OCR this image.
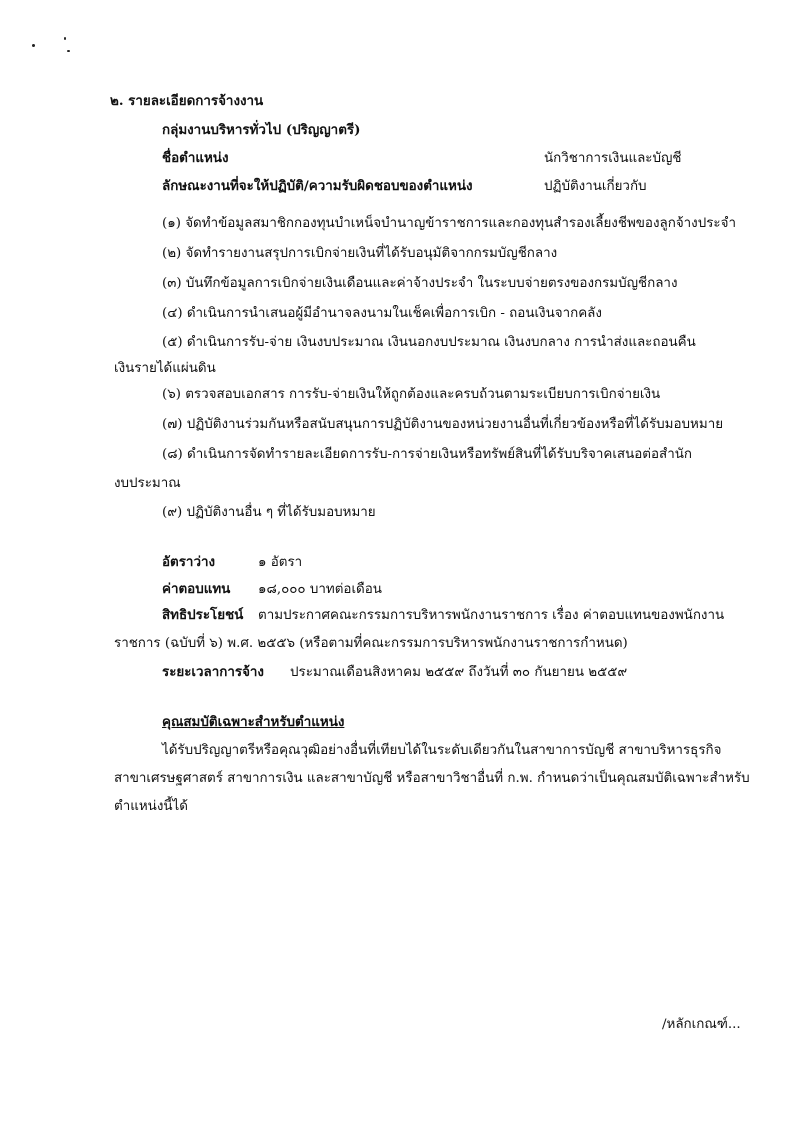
๒. รายละเอียดการจ้างงาน
กลุ่มงานบริหารทั่วไป (ปริญญาตรี)
ชื่อตำแหน่ง	นักวิชาการเงินและบัญชี
ลักษณะงานที่จะให้ปฏิบัติ/ความรับผิดชอบของตำแหน่ง	ปฏิบัติงานเกี่ยวกับ
(๑) จัดทำข้อมูลสมาชิกกองทุนบำเหน็จบำนาญข้าราชการและกองทุนสำรองเลี้ยงชีพของลูกจ้างประจำ
(๒) จัดทำรายงานสรุปการเบิกจ่ายเงินที่ได้รับอนุมัติจากกรมบัญชีกลาง
(๓) บันทึกข้อมูลการเบิกจ่ายเงินเดือนและค่าจ้างประจำ ในระบบจ่ายตรงของกรมบัญชีกลาง
(๔) ดำเนินการนำเสนอผู้มีอำนาจลงนามในเช็คเพื่อการเบิก - ถอนเงินจากคลัง
(๕) ดำเนินการรับ-จ่าย เงินงบประมาณ เงินนอกงบประมาณ เงินงบกลาง การนำส่งและถอนคืน
เงินรายได้แผ่นดิน
(๖) ตรวจสอบเอกสาร การรับ-จ่ายเงินให้ถูกต้องและครบถ้วนตามระเบียบการเบิกจ่ายเงิน
(๗) ปฏิบัติงานร่วมกันหรือสนับสนุนการปฏิบัติงานของหน่วยงานอื่นที่เกี่ยวข้องหรือที่ได้รับมอบหมาย
(๘) ดำเนินการจัดทำรายละเอียดการรับ-การจ่ายเงินหรือทรัพย์สินที่ได้รับบริจาคเสนอต่อสำนัก
งบประมาณ
(๙) ปฏิบัติงานอื่น ๆ ที่ได้รับมอบหมาย
อัตราว่าง	๑ อัตรา
ค่าตอบแทน ๑๘,๐๐๐ บาทต่อเดือน
สิทธิประโยชน์ ตามประกาศคณะกรรมการบริหารพนักงานราชการ เรื่อง ค่าตอบแทนของพนักงาน
ราชการ (ฉบับที่ ๖) พ.ศ. ๒๕๕๖ (หรือตามที่คณะกรรมการบริหารพนักงานราชการกำหนด)
ระยะเวลาการจ้าง ประมาณเดือนสิงหาคม ๒๕๕๙ ถึงวันที่ ๓๐ กันยายน ๒๕๕๙
คุณสมบัติเฉพาะสำหรับตำแหน่ง
ได้รับปริญญาตรีหรือคุณวุฒิอย่างอื่นที่เทียบได้ในระดับเดียวกันในสาขาการบัญชี สาขาบริหารธุรกิจ
สาขาเศรษฐศาสตร์ สาขาการเงิน และสาขาบัญชี หรือสาขาวิชาอื่นที่ ก.พ. กำหนดว่าเป็นคุณสมบัติเฉพาะสำหรับ
ตำแหน่งนี้ได้
/หลักเกณฑ์...
